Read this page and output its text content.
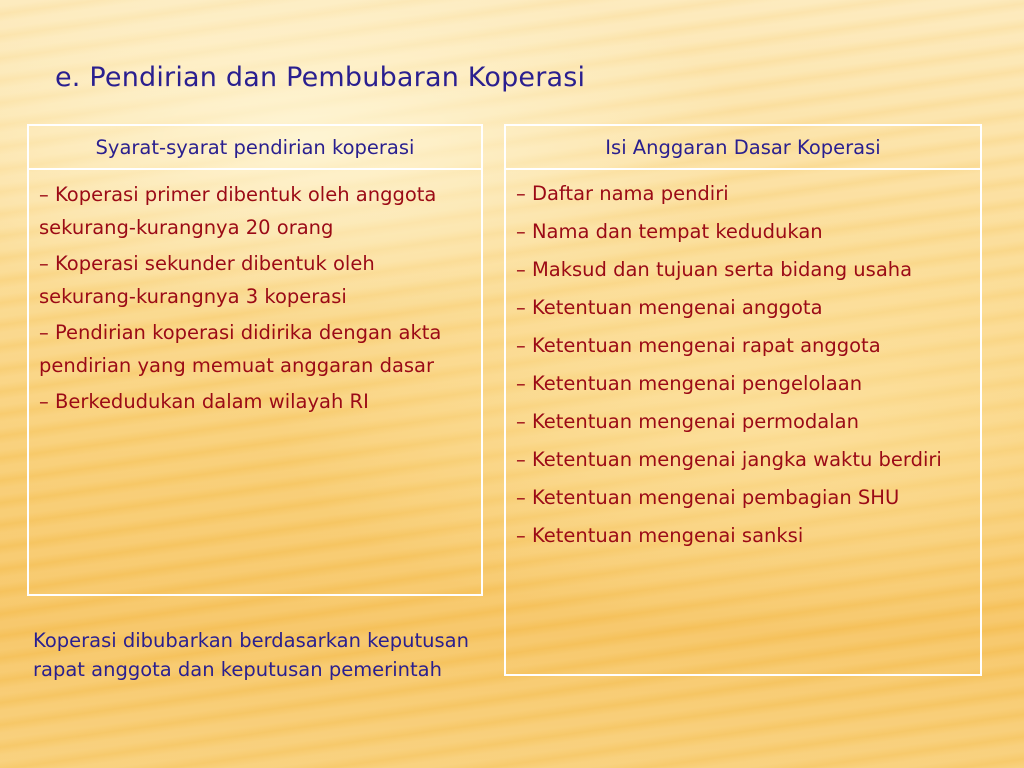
e. Pendirian dan Pembubaran Koperasi
Syarat-syarat pendirian koperasi
– Koperasi primer dibentuk oleh anggota sekurang-kurangnya 20 orang
– Koperasi sekunder dibentuk oleh sekurang-kurangnya 3 koperasi
– Pendirian koperasi didirika dengan akta pendirian yang memuat anggaran dasar
– Berkedudukan dalam wilayah RI
Isi Anggaran Dasar Koperasi
– Daftar nama pendiri
– Nama dan tempat kedudukan
– Maksud dan tujuan serta bidang usaha
– Ketentuan mengenai anggota
– Ketentuan mengenai rapat anggota
– Ketentuan mengenai pengelolaan
– Ketentuan mengenai permodalan
– Ketentuan mengenai jangka waktu berdiri
– Ketentuan mengenai pembagian SHU
– Ketentuan mengenai sanksi
Koperasi dibubarkan berdasarkan keputusan rapat anggota dan keputusan pemerintah
